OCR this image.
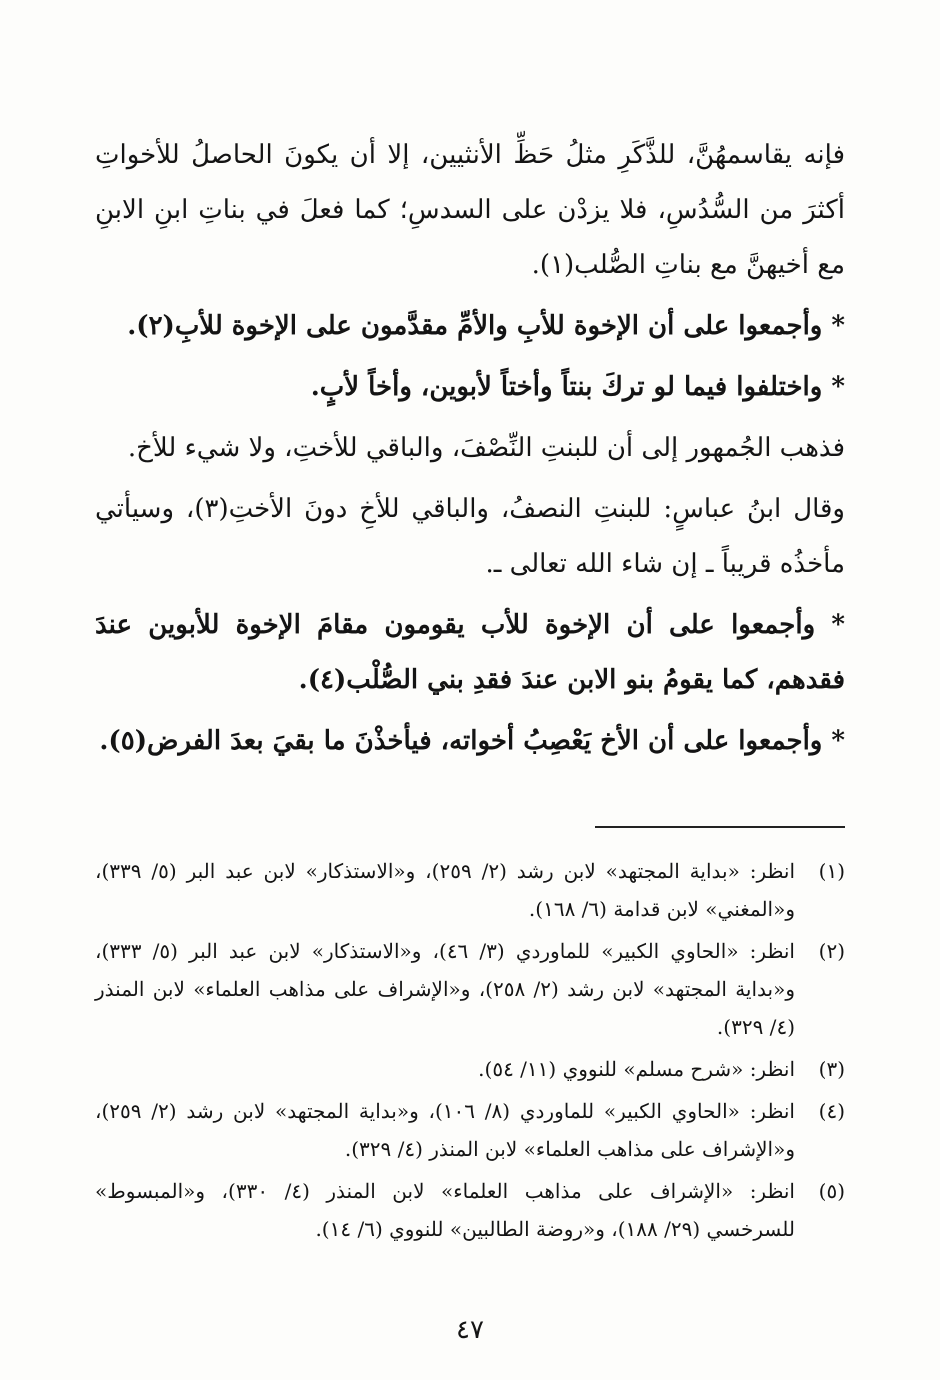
فإنه يقاسمهُنَّ، للذَّكَرِ مثلُ حَظِّ الأنثيين، إلا أن يكونَ الحاصلُ للأخواتِ أكثرَ من السُّدُسِ، فلا يزدْن على السدسِ؛ كما فعلَ في بناتِ ابنِ الابنِ مع أخيهنَّ مع بناتِ الصُّلب(١).

* وأجمعوا على أن الإخوة للأبِ والأمِّ مقدَّمون على الإخوة للأبِ(٢).

* واختلفوا فيما لو تركَ بنتاً وأختاً لأبوين، وأخاً لأبٍ.

فذهب الجُمهور إلى أن للبنتِ النِّصْفَ، والباقي للأختِ، ولا شيء للأخ.

وقال ابنُ عباسٍ: للبنتِ النصفُ، والباقي للأخِ دونَ الأختِ(٣)، وسيأتي مأخذُه قريباً ـ إن شاء الله تعالى ـ.

* وأجمعوا على أن الإخوة للأب يقومون مقامَ الإخوة للأبوين عندَ فقدهم، كما يقومُ بنو الابن عندَ فقدِ بني الصُّلْب(٤).

* وأجمعوا على أن الأخ يَعْصِبُ أخواته، فيأخذْنَ ما بقيَ بعدَ الفرض(٥).

(١)
انظر: «بداية المجتهد» لابن رشد (٢/ ٢٥٩)، و«الاستذكار» لابن عبد البر (٥/ ٣٣٩)، و«المغني» لابن قدامة (٦/ ١٦٨).
(٢)
انظر: «الحاوي الكبير» للماوردي (٣/ ٤٦)، و«الاستذكار» لابن عبد البر (٥/ ٣٣٣)، و«بداية المجتهد» لابن رشد (٢/ ٢٥٨)، و«الإشراف على مذاهب العلماء» لابن المنذر (٤/ ٣٢٩).
(٣)
انظر: «شرح مسلم» للنووي (١١/ ٥٤).
(٤)
انظر: «الحاوي الكبير» للماوردي (٨/ ١٠٦)، و«بداية المجتهد» لابن رشد (٢/ ٢٥٩)، و«الإشراف على مذاهب العلماء» لابن المنذر (٤/ ٣٢٩).
(٥)
انظر: «الإشراف على مذاهب العلماء» لابن المنذر (٤/ ٣٣٠)، و«المبسوط» للسرخسي (٢٩/ ١٨٨)، و«روضة الطالبين» للنووي (٦/ ١٤).
٤٧
